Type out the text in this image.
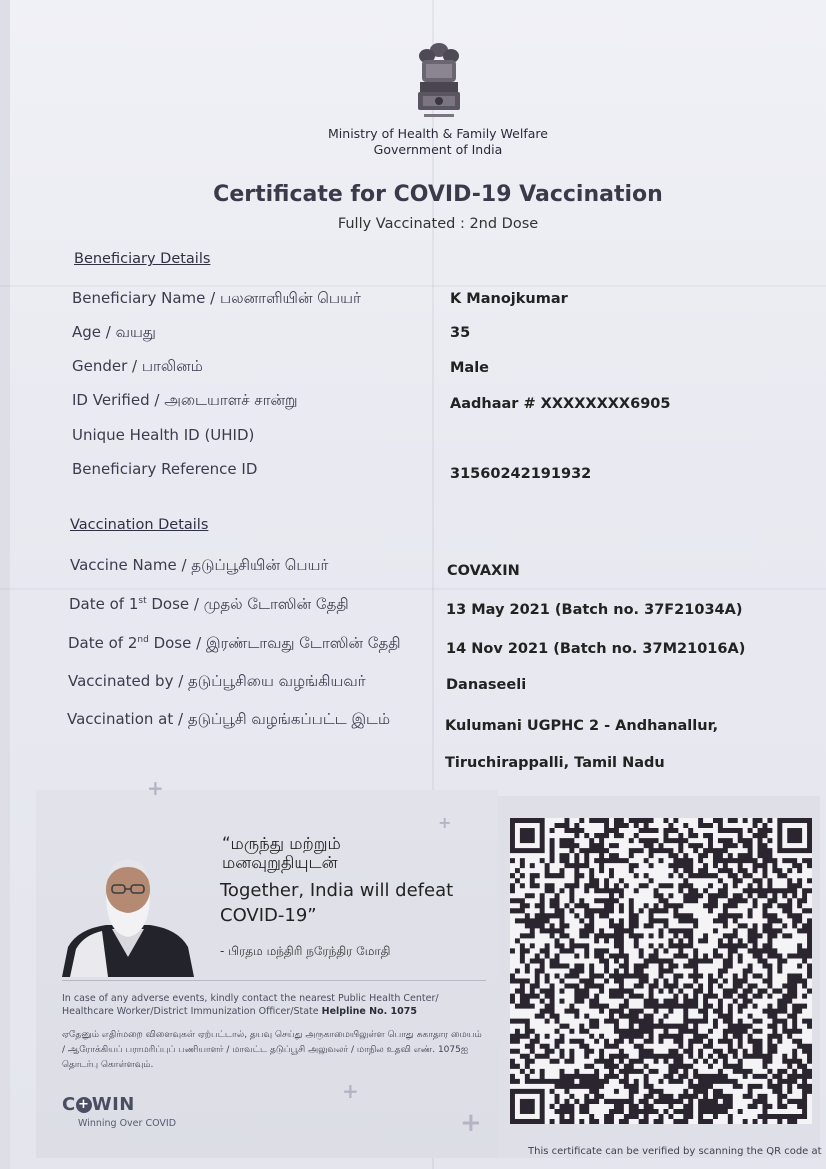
Ministry of Health & Family Welfare
Government of India
Certificate for COVID-19 Vaccination
Fully Vaccinated : 2nd Dose
Beneficiary Details
Beneficiary Name / பலனாளியின் பெயர்	K Manojkumar
Age / வயது	35
Gender / பாலினம்	Male
ID Verified / அடையாளச் சான்று	Aadhaar # XXXXXXXX6905
Unique Health ID (UHID)
Beneficiary Reference ID	31560242191932
Vaccination Details
Vaccine Name / தடுப்பூசியின் பெயர்	COVAXIN
Date of 1st Dose / முதல் டோஸின் தேதி	13 May 2021 (Batch no. 37F21034A)
Date of 2nd Dose / இரண்டாவது டோஸின் தேதி	14 Nov 2021 (Batch no. 37M21016A)
Vaccinated by / தடுப்பூசியை வழங்கியவர்	Danaseeli
Vaccination at / தடுப்பூசி வழங்கப்பட்ட இடம்	Kulumani UGPHC 2 - Andhanallur,
Tiruchirappalli, Tamil Nadu
+
+
+
+
“மருந்து மற்றும்
மனவுறுதியுடன்
Together, India will defeat COVID-19”
- பிரதம மந்திரி நரேந்திர மோதி
In case of any adverse events, kindly contact the nearest Public Health Center/ Healthcare Worker/District Immunization Officer/State Helpline No. 1075
ஏதேனும் எதிர்மறை விளைவுகள் ஏற்பட்டால், தயவு செய்து அருகாமையிலுள்ள பொது சுகாதார மையம் / ஆரோக்கியப் பராமரிப்புப் பணியாளர் / மாவட்ட தடுப்பூசி அலுவலர் / மாநில உதவி எண். 1075ஐ தொடர்பு கொள்ளவும்.
C + WIN
Winning Over COVID
This certificate can be verified by scanning the QR code at
